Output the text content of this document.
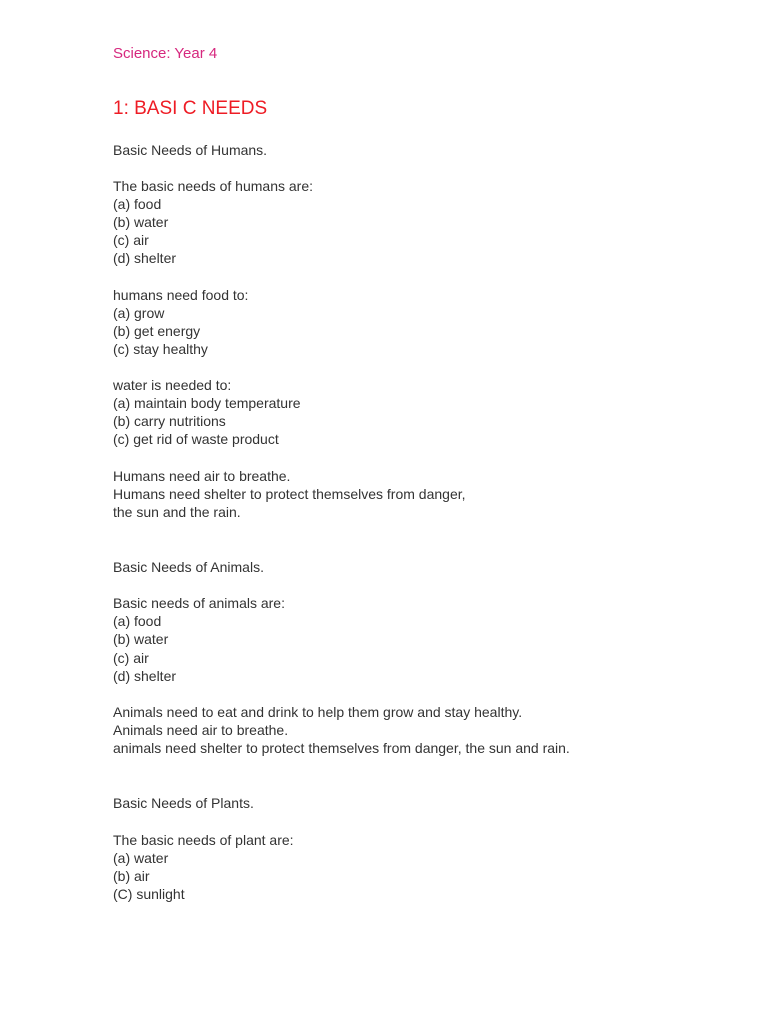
Science: Year 4
1: BASI C NEEDS
Basic Needs of Humans.
The basic needs of humans are:
(a) food
(b) water
(c) air
(d) shelter
humans need food to:
(a) grow
(b) get energy
(c) stay healthy
water is needed to:
(a) maintain body temperature
(b) carry nutritions
(c) get rid of waste product
Humans need air to breathe.
Humans need shelter to protect themselves from danger,
the sun and the rain.
Basic Needs of Animals.
Basic needs of animals are:
(a) food
(b) water
(c) air
(d) shelter
Animals need to eat and drink to help them grow and stay healthy.
Animals need air to breathe.
animals need shelter to protect themselves from danger, the sun and rain.
Basic Needs of Plants.
The basic needs of plant are:
(a) water
(b) air
(C) sunlight
